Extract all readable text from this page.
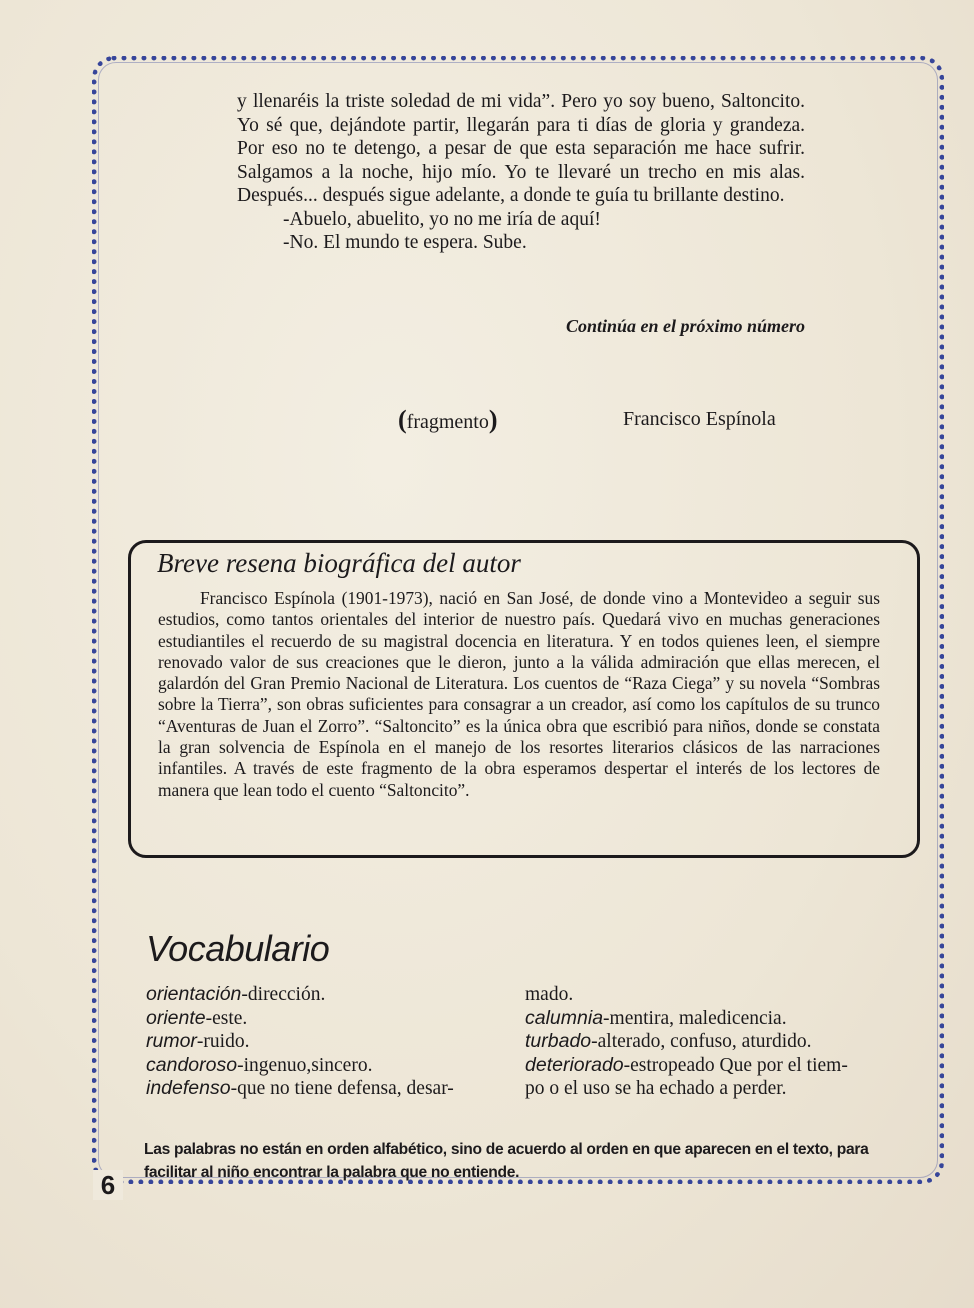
y llenaréis la triste soledad de mi vida”. Pero yo soy bueno, Saltoncito. Yo sé que, dejándote partir, llegarán para ti días de gloria y grandeza. Por eso no te detengo, a pesar de que esta separación me hace sufrir. Salgamos a la noche, hijo mío. Yo te llevaré un trecho en mis alas. Después... después sigue adelante, a donde te guía tu brillante destino.

-Abuelo, abuelito, yo no me iría de aquí!

-No. El mundo te espera. Sube.

Continúa en el próximo número
(fragmento)	Francisco Espínola
Breve resena biográfica del autor

Francisco Espínola (1901-1973), nació en San José, de donde vino a Montevideo a seguir sus estudios, como tantos orientales del interior de nuestro país. Quedará vivo en muchas generaciones estudiantiles el recuerdo de su magistral docencia en literatura. Y en todos quienes leen, el siempre renovado valor de sus creaciones que le dieron, junto a la válida admiración que ellas merecen, el galardón del Gran Premio Nacional de Literatura. Los cuentos de “Raza Ciega” y su novela “Sombras sobre la Tierra”, son obras suficientes para consagrar a un creador, así como los capítulos de su trunco “Aventuras de Juan el Zorro”. “Saltoncito” es la única obra que escribió para niños, donde se constata la gran solvencia de Espínola en el manejo de los resortes literarios clásicos de las narraciones infantiles. A través de este fragmento de la obra esperamos despertar el interés de los lectores de manera que lean todo el cuento “Saltoncito”.

Vocabulario
orientación-dirección.
oriente-este.
rumor-ruido.
candoroso-ingenuo,sincero.
indefenso-que no tiene defensa, desar-
mado.
calumnia-mentira, maledicencia.
turbado-alterado, confuso, aturdido.
deteriorado-estropeado Que por el tiem-
po o el uso se ha echado a perder.
Las palabras no están en orden alfabético, sino de acuerdo al orden en que aparecen en el texto, para facilitar al niño encontrar la palabra que no entiende.
6
